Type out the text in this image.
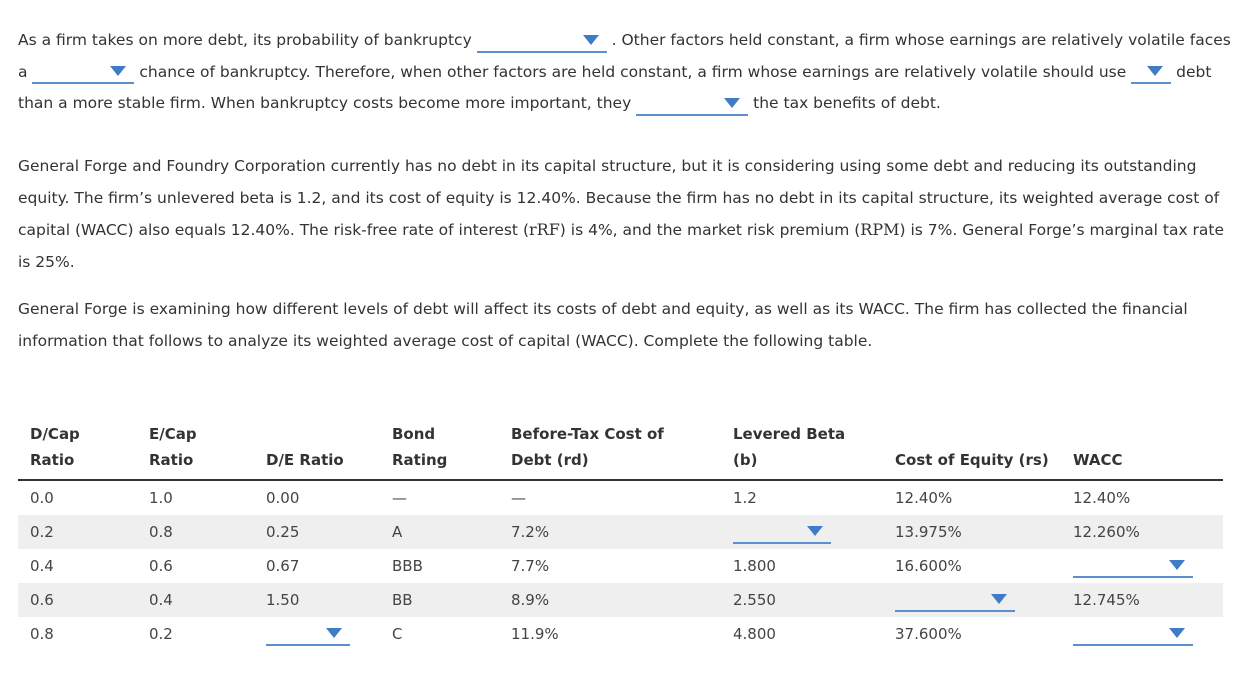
As a firm takes on more debt, its probability of bankruptcy	. Other factors held constant, a firm whose earnings are relatively volatile faces a	chance of bankruptcy. Therefore, when other factors are held constant, a firm whose earnings are relatively volatile should use	debt than a more stable firm. When bankruptcy costs become more important, they	the tax benefits of debt.
General Forge and Foundry Corporation currently has no debt in its capital structure, but it is considering using some debt and reducing its outstanding equity. The firm’s unlevered beta is 1.2, and its cost of equity is 12.40%. Because the firm has no debt in its capital structure, its weighted average cost of capital (WACC) also equals 12.40%. The risk-free rate of interest (rRF) is 4%, and the market risk premium (RPM) is 7%. General Forge’s marginal tax rate is 25%.
General Forge is examining how different levels of debt will affect its costs of debt and equity, as well as its WACC. The firm has collected the financial information that follows to analyze its weighted average cost of capital (WACC). Complete the following table.
D/Cap Ratio	E/Cap Ratio	D/E Ratio	Bond Rating	Before-Tax Cost of Debt (rd)	Levered Beta (b)	Cost of Equity (rs)	WACC
0.0	1.0	0.00	—	—	1.2	12.40%	12.40%
0.2	0.8	0.25	A	7.2%		13.975%	12.260%
0.4	0.6	0.67	BBB	7.7%	1.800	16.600%	

0.6	0.4	1.50	BB	8.9%	2.550		12.745%
0.8	0.2		C	11.9%	4.800	37.600%	
